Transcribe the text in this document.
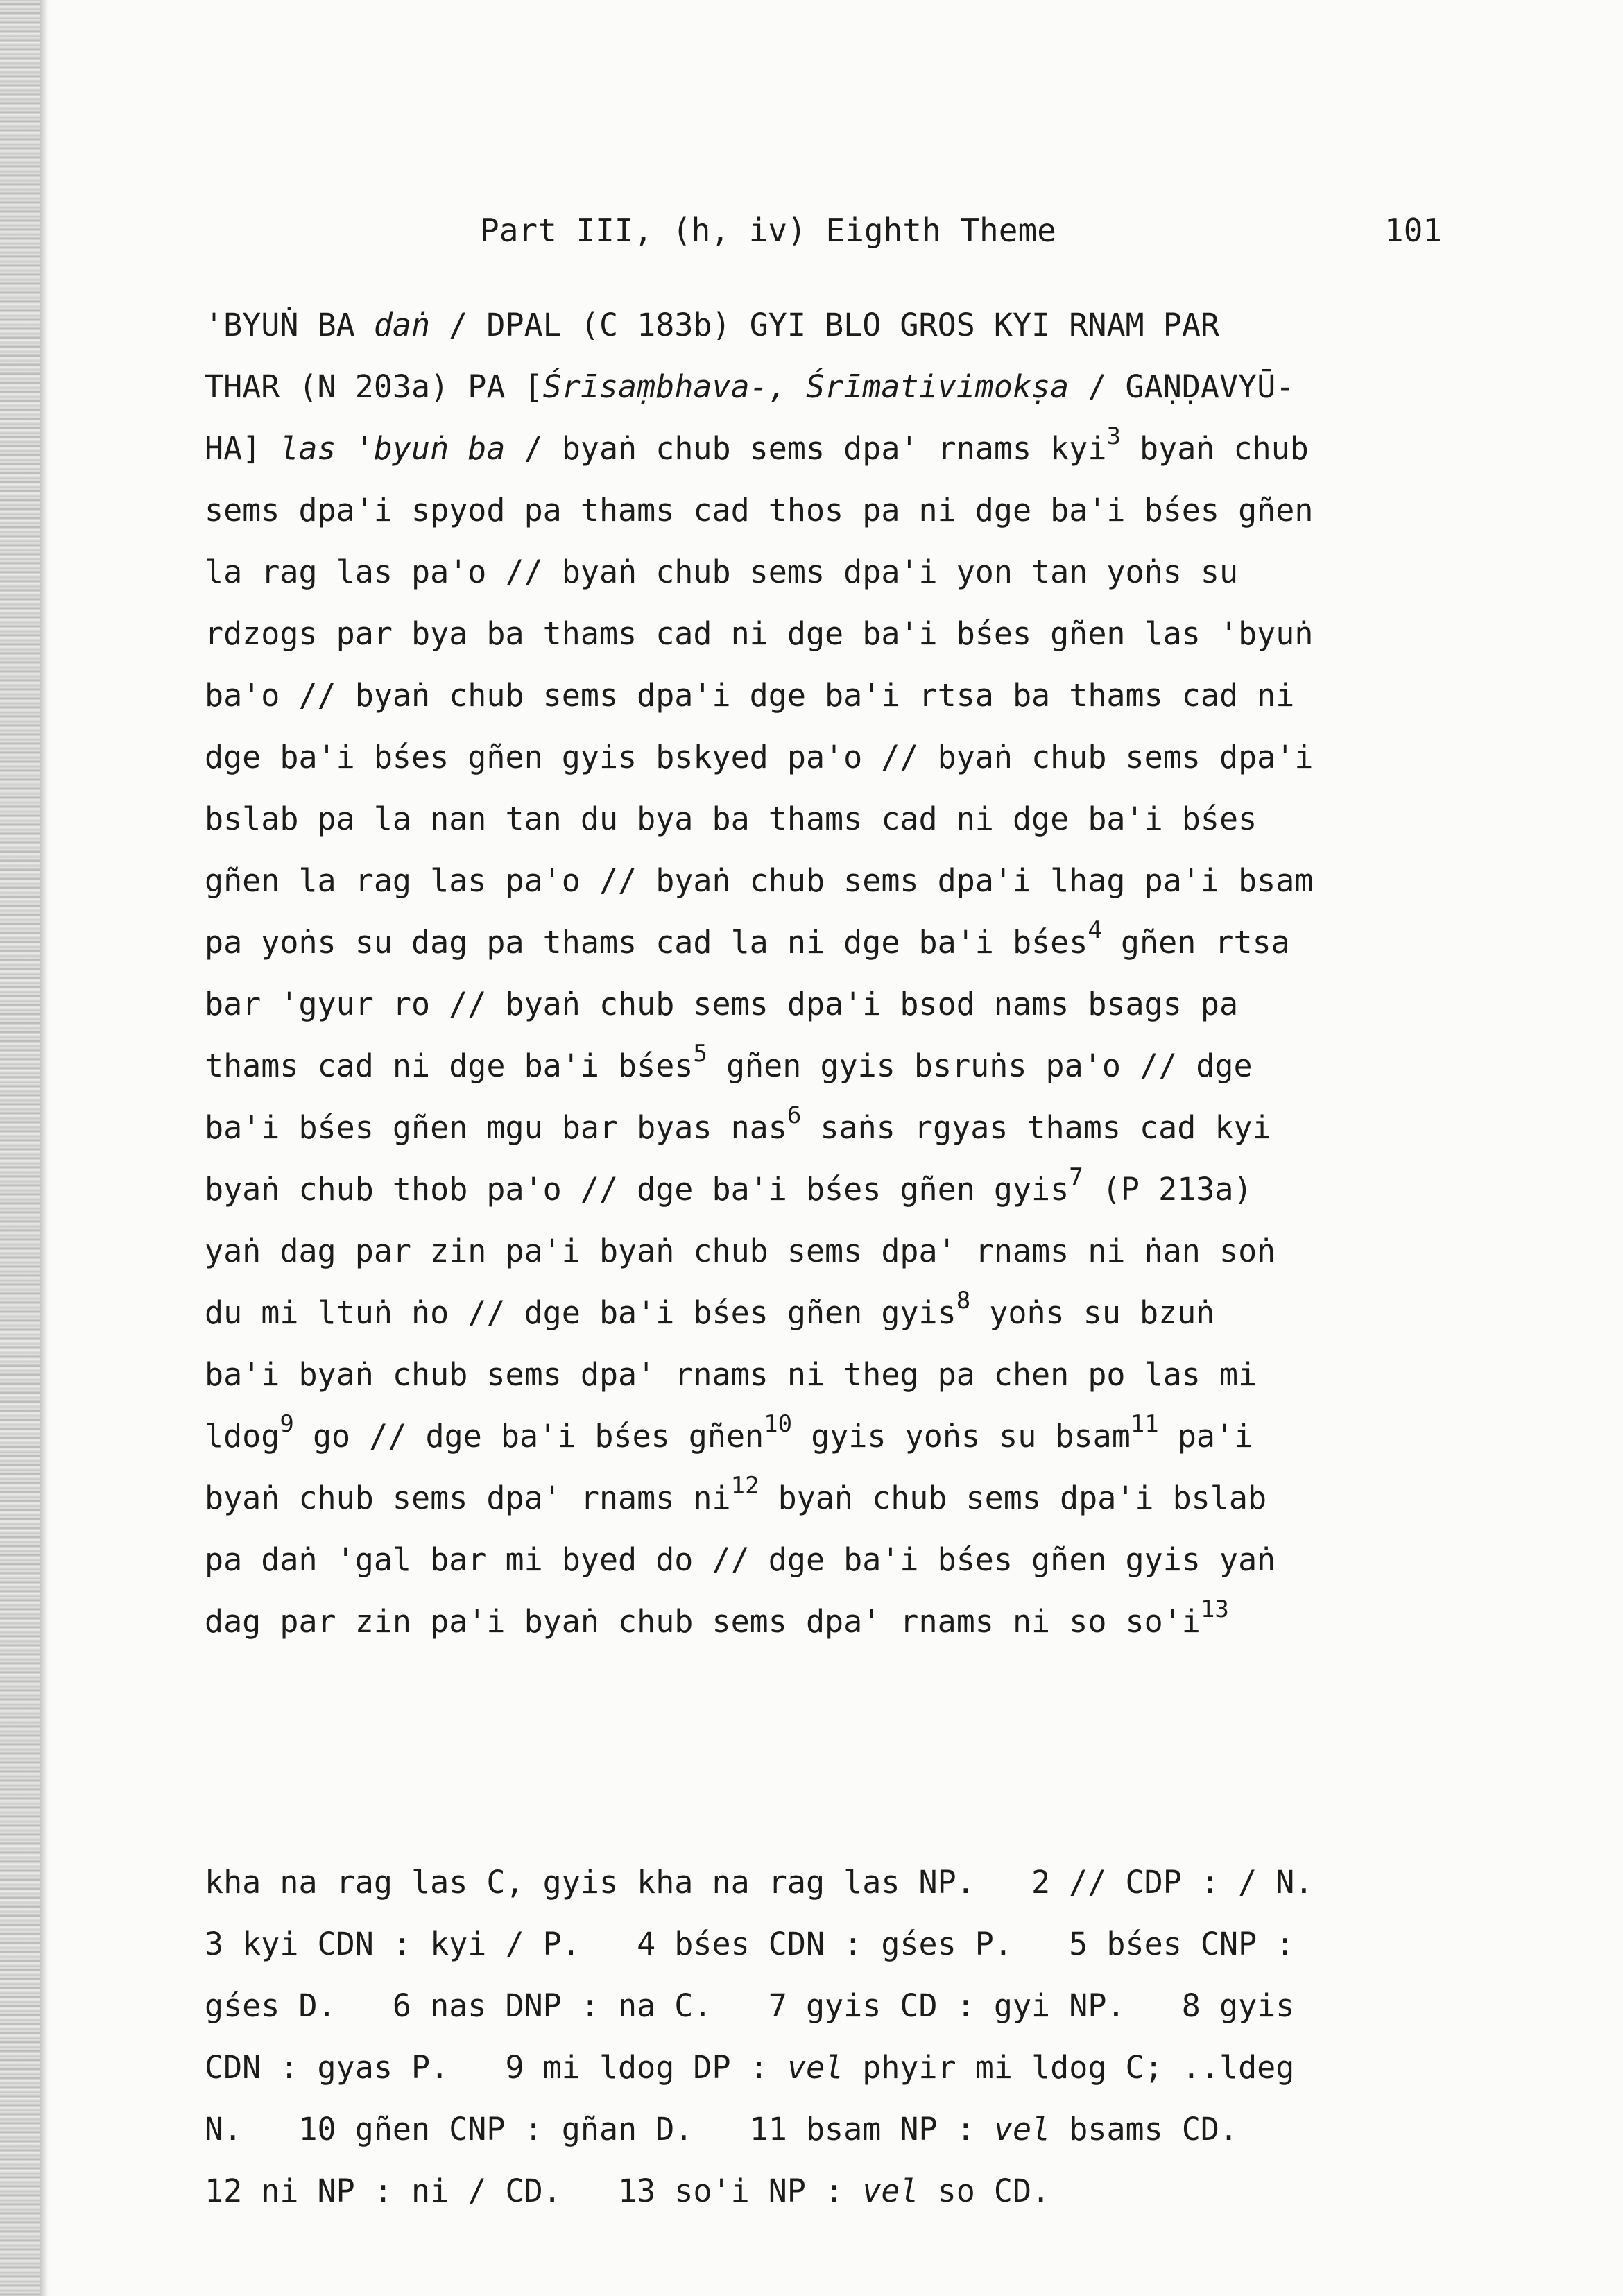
Part III, (h, iv) Eighth Theme	101
'BYUṄ BA daṅ / DPAL (C 183b) GYI BLO GROS KYI RNAM PAR
THAR (N 203a) PA [Śrīsaṃbhava-, Śrīmativimokṣa / GAṆḌAVYŪ-
HA] las 'byuṅ ba / byaṅ chub sems dpa' rnams kyi$^3$ byaṅ chub
sems dpa'i spyod pa thams cad thos pa ni dge ba'i bśes gñen
la rag las pa'o // byaṅ chub sems dpa'i yon tan yoṅs su
rdzogs par bya ba thams cad ni dge ba'i bśes gñen las 'byuṅ
ba'o // byaṅ chub sems dpa'i dge ba'i rtsa ba thams cad ni
dge ba'i bśes gñen gyis bskyed pa'o // byaṅ chub sems dpa'i
bslab pa la nan tan du bya ba thams cad ni dge ba'i bśes
gñen la rag las pa'o // byaṅ chub sems dpa'i lhag pa'i bsam
pa yoṅs su dag pa thams cad la ni dge ba'i bśes$^4$ gñen rtsa
bar 'gyur ro // byaṅ chub sems dpa'i bsod nams bsags pa
thams cad ni dge ba'i bśes$^5$ gñen gyis bsruṅs pa'o // dge
ba'i bśes gñen mgu bar byas nas$^6$ saṅs rgyas thams cad kyi
byaṅ chub thob pa'o // dge ba'i bśes gñen gyis$^7$ (P 213a)
yaṅ dag par zin pa'i byaṅ chub sems dpa' rnams ni ṅan soṅ
du mi ltuṅ ṅo // dge ba'i bśes gñen gyis$^8$ yoṅs su bzuṅ
ba'i byaṅ chub sems dpa' rnams ni theg pa chen po las mi
ldog$^9$ go // dge ba'i bśes gñen$^{10}$ gyis yoṅs su bsam$^{11}$ pa'i
byaṅ chub sems dpa' rnams $ni^{12}$ byaṅ chub sems dpa'i bslab
pa daṅ 'gal bar mi byed do // dge ba'i bśes gñen gyis yaṅ
dag par zin pa'i byaṅ chub sems dpa' rnams ni so $so'i^{13}$
kha na rag las C, gyis kha na rag las NP.   2 // CDP : / N.
3 kyi CDN : kyi / P.   4 bśes CDN : gśes P.   5 bśes CNP :
gśes D.   6 nas DNP : na C.   7 gyis CD : gyi NP.   8 gyis
CDN : gyas P.   9 mi ldog DP : vel phyir mi ldog C; ..ldeg
N.   10 gñen CNP : gñan D.   11 bsam NP : vel bsams CD.
12 ni NP : ni / CD.   13 so'i NP : vel so CD.
